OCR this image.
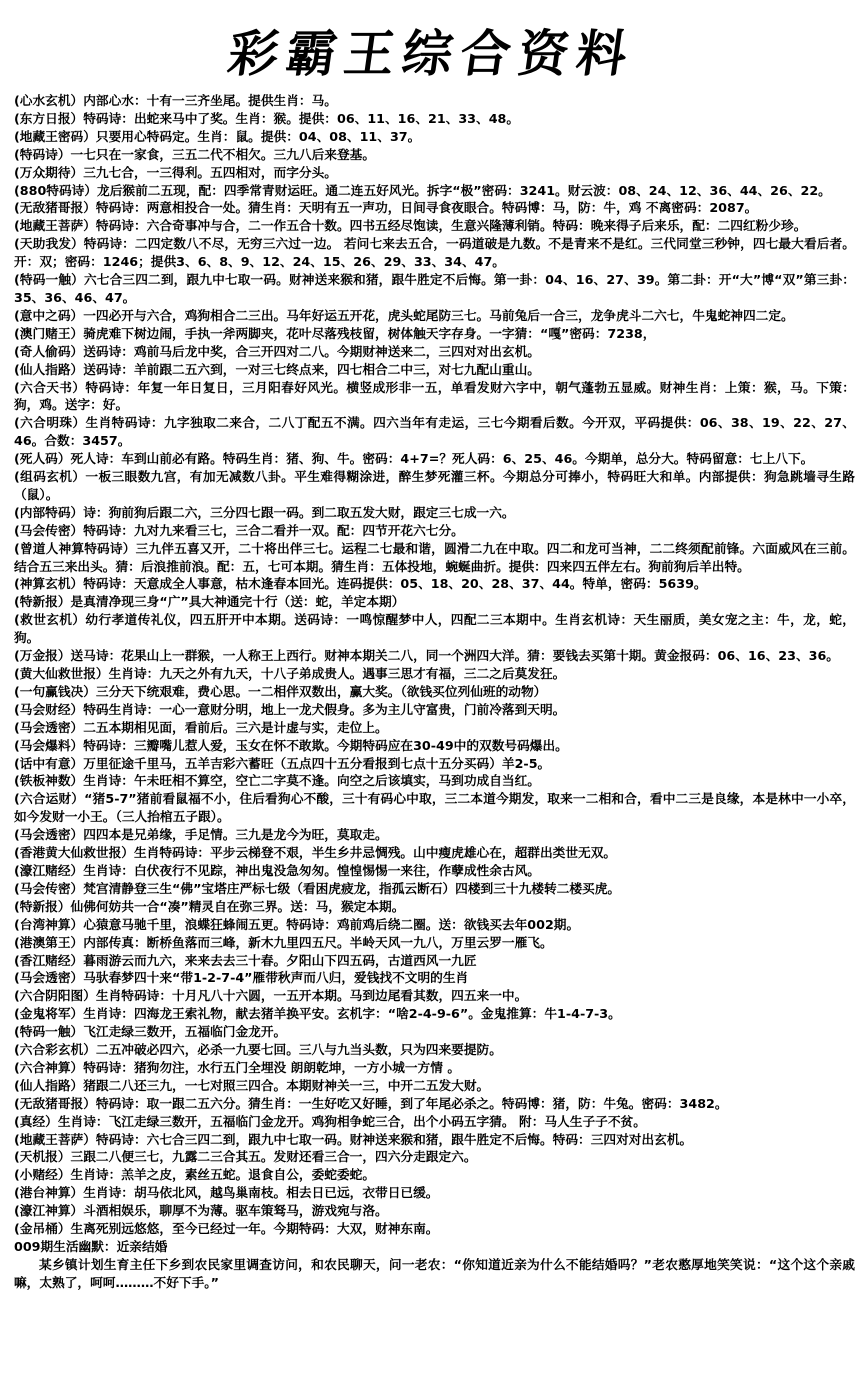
彩霸王综合资料

(心水玄机）内部心水：十有一三齐坐尾。提供生肖：马。

(东方日报）特码诗：出蛇来马中了奖。生肖：猴。提供：06、11、16、21、33、48。

(地藏王密码）只要用心特码定。生肖：鼠。提供：04、08、11、37。

(特码诗）一七只在一家食，三五二代不相欠。三九八后来登基。

(万众期待）三九七合，一三得利。五四相对，而字分头。

(880特码诗）龙后猴前二五现，配：四季常青财运旺。通二连五好风光。拆字“极”密码：3241。财云波：08、24、12、36、44、26、22。

(无敌猪哥报）特码诗：两意相投合一处。猜生肖：天明有五一声功，日间寻食夜眼合。特码博：马，防：牛，鸡 不离密码：2087。

(地藏王菩萨）特码诗：六合奇事冲与合，二一作五合十数。四书五经尽饱读，生意兴隆薄利销。特码：晚来得子后来乐，配：二四红粉少珍。

(天助我发）特码诗：二四定数八不尽，无穷三六过一边。 若问七来去五合，一码道破是九数。不是青来不是红。三代同堂三秒钟，四七最大看后者。 开：双；密码：1246；提供3、6、8、9、12、24、15、26、29、33、34、47。

(特码一触）六七合三四二到，跟九中七取一码。财神送来猴和猪，跟牛胜定不后悔。第一卦：04、16、27、39。第二卦：开“大”博“双”第三卦：35、36、46、47。

(意中之码）一四必开与六合，鸡狗相合二三出。马年好运五开花，虎头蛇尾防三七。马前兔后一合三，龙争虎斗二六七，牛鬼蛇神四二定。

(澳门赌王）骑虎难下树边闹，手执一斧两脚夹，花叶尽落残枝留，树体触天字存身。一字猜：“嘎”密码：7238，

(奇人偷码）送码诗：鸡前马后龙中奖，合三开四对二八。今期财神送来二，三四对对出玄机。

(仙人指路）送码诗：羊前跟二五六到，一对三七终点来，四七相合二中三，对七九配山重山。

(六合天书）特码诗：年复一年日复日，三月阳春好风光。横竖成形非一五，单看发财六字中，朝气蓬勃五显威。财神生肖：上策：猴，马。下策：狗，鸡。送字：好。

(六合明珠）生肖特码诗：九字独取二来合，二八丁配五不满。四六当年有走运，三七今期看后数。今开双，平码提供：06、38、19、22、27、46。合数：3457。

(死人码）死人诗：车到山前必有路。特码生肖：猪、狗、牛。密码：4+7=？死人码：6、25、46。今期单，总分大。特码留意：七上八下。

(组码玄机）一板三眼数九宫，有加无减数八卦。平生难得糊涂进，醉生梦死灌三杯。今期总分可捧小，特码旺大和单。内部提供：狗急跳墙寻生路（鼠）。

(内部特码）诗：狗前狗后跟二六，三分四七跟一码。到二取五发大财，跟定三七成一六。

(马会传密）特码诗：九对九来看三七，三合二看并一双。配：四节开花六七分。

(曾道人神算特码诗）三九伴五喜又开，二十将出伴三七。运程二七最和谐，圆滑二九在中取。四二和龙可当神，二二终须配前锋。六面威风在三前。结合五三来出头。猜：后浪推前浪。配：五，七可本期。猜生肖：五体投地，蜿蜒曲折。提供：四来四五伴左右。狗前狗后羊出特。

(神算玄机）特码诗：天意成全人事意，枯木逢春本回光。连码提供：05、18、20、28、37、44。特单，密码：5639。

(特新报）是真清净现三身“广”具大神通完十行（送：蛇，羊定本期）

(救世玄机）幼行孝道传礼仪，四五肝开中本期。送码诗：一鸣惊醒梦中人，四配二三本期中。生肖玄机诗：天生丽质，美女宠之主：牛，龙，蛇，狗。

(万金报）送马诗：花果山上一群猴，一人称王上西行。财神本期关二八，同一个洲四大洋。猜：要钱去买第十期。黄金报码：06、16、23、36。

(黄大仙救世报）生肖诗：九天之外有九天，十八子弟成贵人。遇事三思才有福，三二之后莫发狂。

(一句赢钱决）三分天下统艰难，费心思。一二相伴双数出，赢大奖。（欲钱买位列仙班的动物）

(马会财经）特码生肖诗：一心一意财分明，地上一龙犬假身。多为主儿守富贵，门前冷落到天明。

(马会透密）二五本期相见面，看前后。三六是计虚与实，走位上。

(马会爆料）特码诗：三瓣嘴儿惹人爱，玉女在怀不敢欺。今期特码应在30-49中的双数号码爆出。

(话中有意）万里征途千里马，五羊吉彩六蓄旺（五点四十五分看报到七点十五分买码）羊2-5。

(铁板神数）生肖诗：午未旺相不算空，空亡二字莫不逢。向空之后该填实，马到功成自当红。

(六合运财）“猪5-7”猪前看鼠福不小，住后看狗心不酸，三十有码心中取，三二本道今期发，取来一二相和合，看中二三是良缘，本是林中一小卒，如今发财一小王。（三人抬棺五子跟）。

(马会透密）四四本是兄弟缘，手足情。三九是龙今为旺，莫取走。

(香港黄大仙救世报）生肖特码诗：平步云梯登不艰，半生乡井忌惆残。山中瘦虎雄心在，超群出类世无双。

(濠江赌经）生肖诗：白伏夜行不见踪，神出鬼没急匆匆。惶惶惕惕一来往，作孽成性余古风。

(马会传密）梵宫清静登三生“佛”宝塔庄严标七级（看困虎疲龙，指孤云断石）四楼到三十九楼转二楼买虎。

(特新报）仙佛何妨共一合“凑”精灵自在弥三界。送：马，猴定本期。

(台湾神算）心猿意马驰千里，浪蝶狂蜂闹五更。特码诗：鸡前鸡后绕二圈。送：欲钱买去年002期。

(港澳第王）内部传真：断桥鱼落而三峰，新木九里四五尺。半岭天风一九八，万里云罗一雁飞。

(香江赌经）暮雨游云而九六，来来去去三十春。夕阳山下四五码，古道西风一九匠

(马会透密）马驮春梦四十来“带1-2-7-4”雁带秋声而八归，爱钱找不文明的生肖

(六合阴阳图）生肖特码诗：十月凡八十六圆，一五开本期。马到边尾看其数，四五来一中。

(金鬼将军）生肖诗：四海龙王索礼物，献去猪羊换平安。玄机字：“啥2-4-9-6”。金鬼推算：牛1-4-7-3。

(特码一触）飞江走绿三数开，五福临门金龙开。

(六合彩玄机）二五冲破必四六，必杀一九要七回。三八与九当头数，只为四来要提防。

(六合神算）特码诗：猪狗勿注，水行五门全埋没 朗朗乾坤，一方小城一方情 。

(仙人指路）猪跟二八还三九，一七对照三四合。本期财神关一三，中开二五发大财。

(无敌猪哥报）特码诗：取一跟二五六分。猜生肖：一生好吃又好睡，到了年尾必杀之。特码博：猪，防：牛兔。密码：3482。

(真经）生肖诗：飞江走绿三数开，五福临门金龙开。鸡狗相争蛇三合，出个小码五字猜。 附：马人生子子不贫。

(地藏王菩萨）特码诗：六七合三四二到，跟九中七取一码。财神送来猴和猪，跟牛胜定不后悔。特码：三四对对出玄机。

(天机报）三跟二八便三七，九露二三合其五。发财还看三合一，四六分走跟定六。

(小赌经）生肖诗：羔羊之皮，素丝五蛇。退食自公，委蛇委蛇。

(港台神算）生肖诗：胡马依北风，越鸟巢南枝。相去日已远，衣带日已缓。

(濠江神算）斗酒相娱乐，聊厚不为薄。驱车策驽马，游戏宛与洛。

(金吊桶）生离死别远悠悠，至今已经过一年。今期特码：大双，财神东南。

009期生活幽默：近亲结婚

某乡镇计划生育主任下乡到农民家里调查访问，和农民聊天，问一老农：“你知道近亲为什么不能结婚吗？”老农憨厚地笑笑说：“这个这个亲戚嘛，太熟了，呵呵………不好下手。”
